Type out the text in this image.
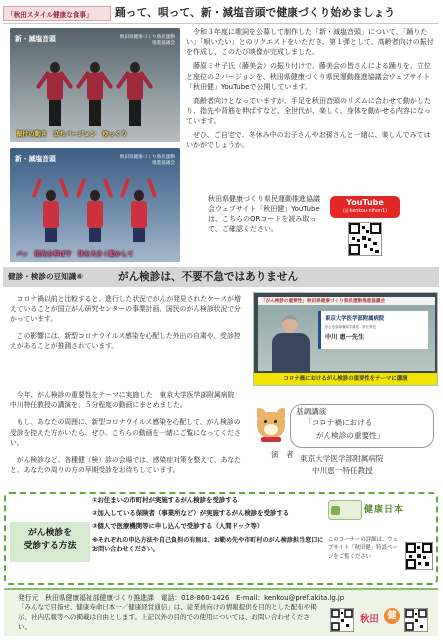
「秋田スタイル健康な食事」	踊って、唄って、新・減塩音頭で健康づくり始めましょう
新・減塩音頭	秋田県健康づくり県民運動
推進協議会
振付の動き　立ちバージョン　ゆっくり
新・減塩音頭	秋田県健康づくり県民運動
推進協議会
パッ　指先を伸ばす　体を大きく動かして

令和３年度に歌詞を公募して制作した「新・減塩音頭」について、「踊りたい」「唄いたい」とのリクエストをいただき、第１弾として、高齢者向けの振付を作成し、このたび映像が完成しました。

藤原ミサ子氏（藤美会）の振り付けで、藤美会の皆さんによる踊りを、立位と座位の２バージョンを、秋田県健康づくり県民運動推進協議会ウェブサイト「秋田健」YouTubeで公開しています。

高齢者向けとなっていますが、手足を秋田音頭のリズムに合わせて動かしたり、指先や背筋を伸ばすなど、全世代が、楽しく、身体を動かせる内容になっています。

ぜひ、ご自宅で、冬休み中のお子さんやお孫さんと一緒に、楽しんでみてはいかがでしょうか。

秋田県健康づくり県民運動推進協議会ウェブサイト「秋田健」YouTubeは、こちらのQRコードを読み取って、ご確認ください。
YouTube
(＠kenkou-nihon1)
健診・検診の豆知識⑥	がん検診は、不要不急ではありません

コロナ禍以前と比較すると、進行した状況でがんが発見されたケースが増えていることが国立がん研究センターの事業計画、国民のがん検診状況で分かっています。

この影響には、新型コロナウイルス感染を心配した外出の自粛や、受診控えがあることが推測されています。

「がん検診の重要性」秋田県健康づくり県民運動推進協議会
東京大学医学部附属病院
総合放射線腫瘍学講座　特任教授
中川 恵一先生
コロナ禍におけるがん検診の重要性をテーマに講演

今年、がん検診の重要性をテーマに実施した　東京大学医学部附属病院　中川特任教授の講演を、５分程度の動画にまとめました。

もし、あなたの周囲に、新型コロナウイルス感染を心配して、がん検診の受診を控えた方がいたら、ぜひ、こちらの動画を一緒にご覧になってください。

がん検診など、各種健（検）診の会場では、感染症対策を整えて、あなたと、あなたの周りの方の早期受診をお待ちしています。

基調講演
「コロナ禍における
がん検診の重要性」
演　者 東京大学医学部附属病院
中川恵一特任教授
がん検診を
受診する方法
①お住まいの市町村が実施するがん検診を受診する
②加入している保険者（事業所など）が実施するがん検診を受診する
③個人で医療機関等に申し込んで受診する（人間ドック等）
※それぞれの申込方法や自己負担の有無は、お勤め先や市町村のがん検診担当窓口にお問い合わせください。
健康日本
このコーナーの詳細は、ウェブサイト「秋田健」特設ページをご覧ください
発行元　秋田県健康福祉部健康づくり推進課　電話：018-860-1426　E-mail：kenkou@pref.akita.lg.jp
「みんなで目指せ、健康寿命日本一／健康経営通信」は、従業員向けの情報提供を目的とした配布や掲示、社内広報等への掲載は自由とします。上記以外の目的での使用については、お問い合わせください。
秋田 健
